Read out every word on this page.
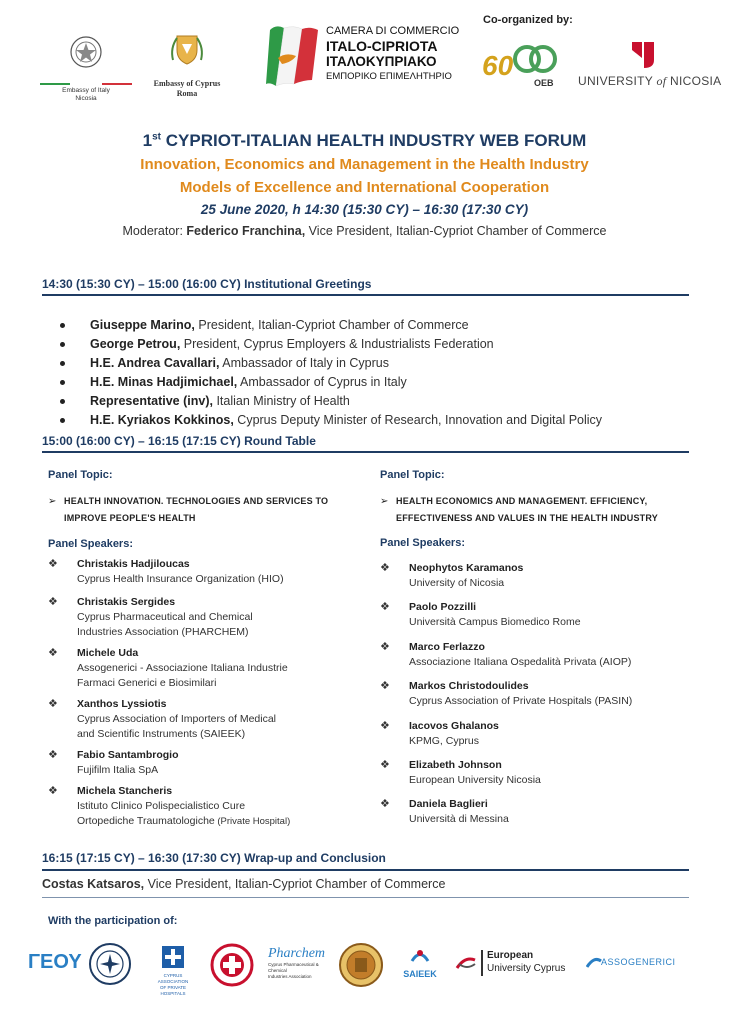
Embassy of Italy
Nicosia
Embassy of Cyprus
Roma
CAMERA DI COMMERCIO
ITALO-CIPRIOTA
ΙΤΑΛΟΚΥΠΡΙΑΚΟ
ΕΜΠΟΡΙΚΟ ΕΠΙΜΕΛΗΤΗΡΙΟ
Co-organized by:
60
OEB UNIVERSITY of NICOSIA
1st CYPRIOT-ITALIAN HEALTH INDUSTRY WEB FORUM
Innovation, Economics and Management in the Health Industry
Models of Excellence and International Cooperation
25 June 2020, h 14:30 (15:30 CY) – 16:30 (17:30 CY)
Moderator: Federico Franchina, Vice President, Italian-Cypriot Chamber of Commerce
14:30 (15:30 CY) – 15:00 (16:00 CY) Institutional Greetings
Giuseppe Marino, President, Italian-Cypriot Chamber of Commerce
George Petrou, President, Cyprus Employers & Industrialists Federation
H.E. Andrea Cavallari, Ambassador of Italy in Cyprus
H.E. Minas Hadjimichael, Ambassador of Cyprus in Italy
Representative (inv), Italian Ministry of Health
H.E. Kyriakos Kokkinos, Cyprus Deputy Minister of Research, Innovation and Digital Policy
15:00 (16:00 CY) – 16:15 (17:15 CY) Round Table
Panel Topic:
➢ HEALTH INNOVATION. TECHNOLOGIES AND SERVICES TO
IMPROVE PEOPLE'S HEALTH
Panel Speakers:
❖ Christakis Hadjiloucas
Cyprus Health Insurance Organization (HIO)
❖ Christakis Sergides
Cyprus Pharmaceutical and Chemical
Industries Association (PHARCHEM)
❖ Michele Uda
Assogenerici - Associazione Italiana Industrie
Farmaci Generici e Biosimilari
❖ Xanthos Lyssiotis
Cyprus Association of Importers of Medical
and Scientific Instruments (SAIEEK)
❖ Fabio Santambrogio
Fujifilm Italia SpA
❖ Michela Stancheris
Istituto Clinico Polispecialistico Cure
Ortopediche Traumatologiche (Private Hospital)
Panel Topic:
➢ HEALTH ECONOMICS AND MANAGEMENT. EFFICIENCY,
EFFECTIVENESS AND VALUES IN THE HEALTH INDUSTRY
Panel Speakers:
❖ Neophytos Karamanos
University of Nicosia
❖ Paolo Pozzilli
Università Campus Biomedico Rome
❖ Marco Ferlazzo
Associazione Italiana Ospedalità Privata (AIOP)
❖ Markos Christodoulides
Cyprus Association of Private Hospitals (PASIN)
❖ Iacovos Ghalanos
KPMG, Cyprus
❖ Elizabeth Johnson
European University Nicosia
❖ Daniela Baglieri
Università di Messina
16:15 (17:15 CY) – 16:30 (17:30 CY) Wrap-up and Conclusion
Costas Katsaros, Vice President, Italian-Cypriot Chamber of Commerce
With the participation of:
ΓΕΟΥ
CYPRUS ASSOCIATION
OF PRIVATE HOSPITALS
Pharchem
Cyprus Pharmaceutical & Chemical
Industries Association	SAIEEK
European
University Cyprus
ASSOGENERICI
